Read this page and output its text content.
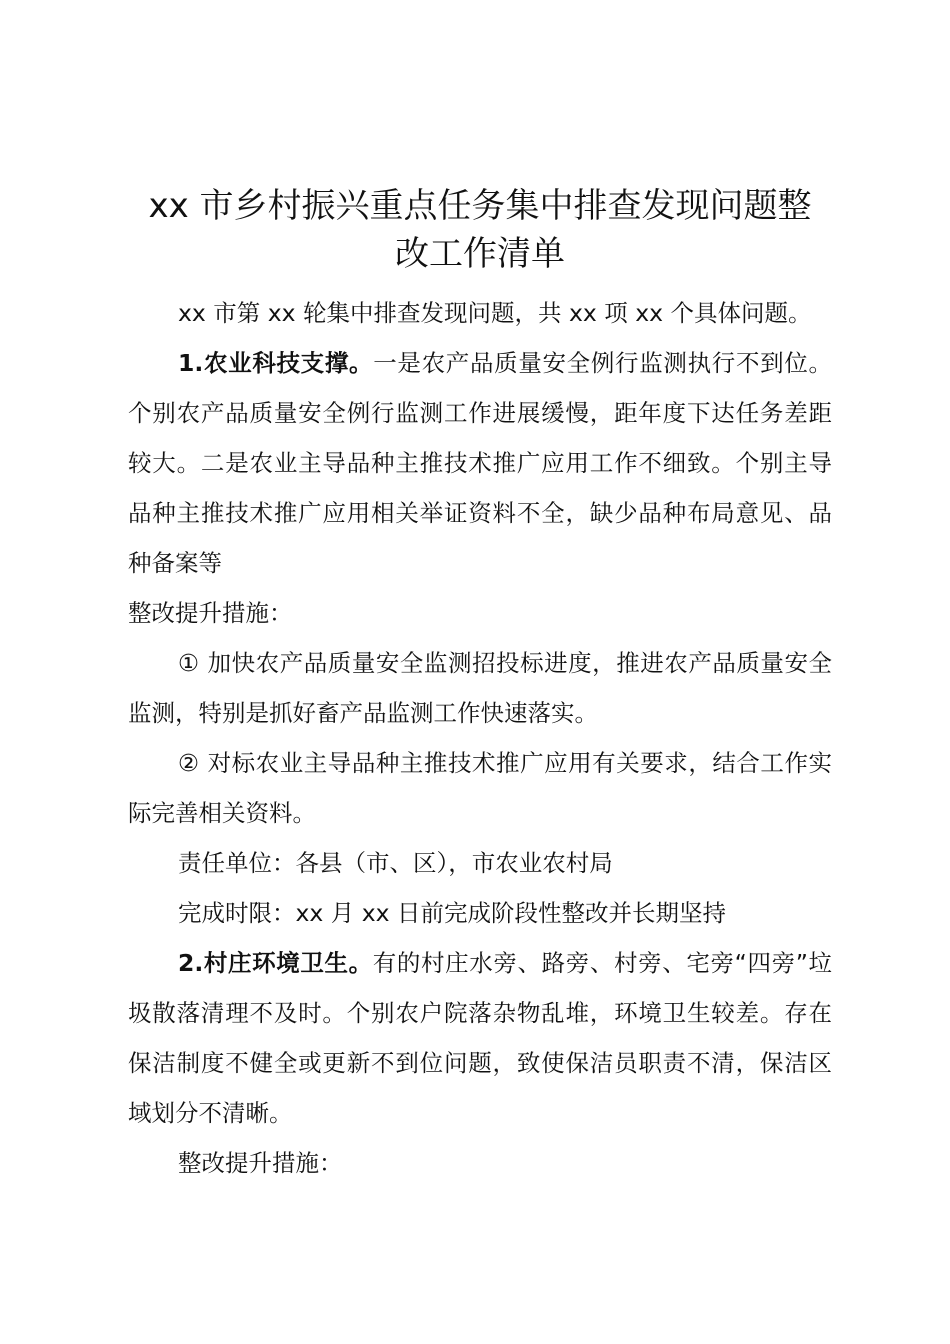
xx 市乡村振兴重点任务集中排查发现问题整
改工作清单

xx 市第 xx 轮集中排查发现问题，共 xx 项 xx 个具体问题。

1.农业科技支撑。一是农产品质量安全例行监测执行不到位。个别农产品质量安全例行监测工作进展缓慢，距年度下达任务差距较大。二是农业主导品种主推技术推广应用工作不细致。个别主导品种主推技术推广应用相关举证资料不全，缺少品种布局意见、品种备案等

整改提升措施：

① 加快农产品质量安全监测招投标进度，推进农产品质量安全监测，特别是抓好畜产品监测工作快速落实。

② 对标农业主导品种主推技术推广应用有关要求，结合工作实际完善相关资料。

责任单位：各县（市、区），市农业农村局

完成时限：xx 月 xx 日前完成阶段性整改并长期坚持

2.村庄环境卫生。有的村庄水旁、路旁、村旁、宅旁“四旁”垃圾散落清理不及时。个别农户院落杂物乱堆，环境卫生较差。存在保洁制度不健全或更新不到位问题，致使保洁员职责不清，保洁区域划分不清晰。

整改提升措施：
